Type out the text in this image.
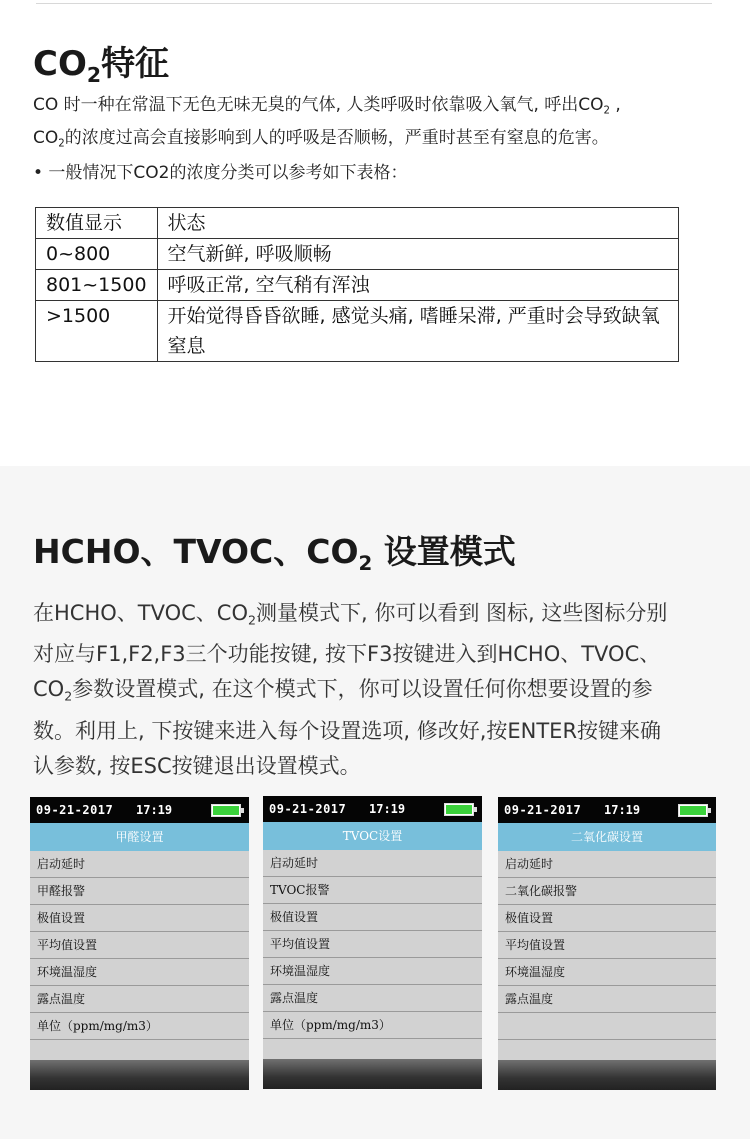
$CO_2$特征
CO 时一种在常温下无色无味无臭的气体, 人类呼吸时依靠吸入氧气, 呼出$CO_2$ ,
$CO_2$的浓度过高会直接影响到人的呼吸是否顺畅，严重时甚至有窒息的危害。
• 一般情况下CO2的浓度分类可以参考如下表格：
数值显示	状态
0~800	空气新鲜, 呼吸顺畅
801~1500	呼吸正常, 空气稍有浑浊
>1500	开始觉得昏昏欲睡, 感觉头痛, 嗜睡呆滞, 严重时会导致缺氧窒息
HCHO、TVOC、$CO_2$ 设置模式
在HCHO、TVOC、$CO_2$测量模式下, 你可以看到 图标, 这些图标分别
对应与F1,F2,F3三个功能按键, 按下F3按键进入到HCHO、TVOC、
$CO_2$参数设置模式, 在这个模式下，你可以设置任何你想要设置的参
数。利用上, 下按键来进入每个设置选项, 修改好,按ENTER按键来确
认参数, 按ESC按键退出设置模式。
09-21-2017 17:19
甲醛设置
启动延时
甲醛报警
极值设置
平均值设置
环境温湿度
露点温度
单位（ppm/mg/m3）
09-21-2017 17:19
TVOC设置
启动延时
TVOC报警
极值设置
平均值设置
环境温湿度
露点温度
单位（ppm/mg/m3）
09-21-2017 17:19
二氧化碳设置
启动延时
二氧化碳报警
极值设置
平均值设置
环境温湿度
露点温度
